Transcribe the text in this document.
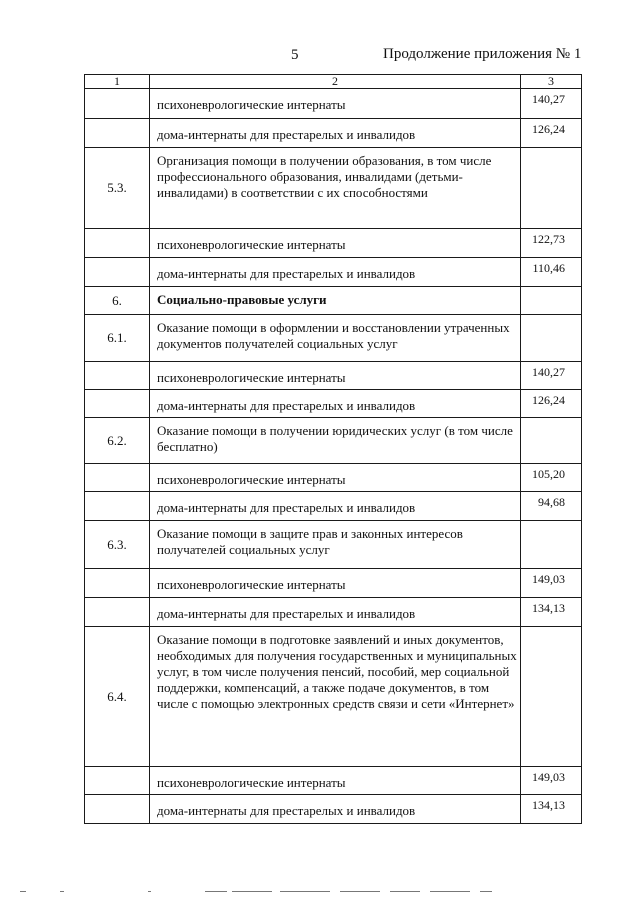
5	Продолжение приложения № 1
1	2	3
	психоневрологические интернаты	140,27
	дома-интернаты для престарелых и инвалидов	126,24
5.3.	Организация помощи в получении образования, в том числе профессионального образования, инвалидами (детьми-инвалидами) в соответствии с их способностями	
	психоневрологические интернаты	122,73
	дома-интернаты для престарелых и инвалидов	110,46
6.	Социально-правовые услуги	
6.1.	Оказание помощи в оформлении и восстановлении утраченных документов получателей социальных услуг	
	психоневрологические интернаты	140,27
	дома-интернаты для престарелых и инвалидов	126,24
6.2.	Оказание помощи в получении юридических услуг (в том числе бесплатно)	
	психоневрологические интернаты	105,20
	дома-интернаты для престарелых и инвалидов	94,68
6.3.	Оказание помощи в защите прав и законных интересов получателей социальных услуг	
	психоневрологические интернаты	149,03
	дома-интернаты для престарелых и инвалидов	134,13
6.4.	Оказание помощи в подготовке заявлений и иных документов, необходимых для получения государственных и муниципальных услуг, в том числе получения пенсий, пособий, мер социальной поддержки, компенсаций, а также подаче документов, в том числе с помощью электронных средств связи и сети «Интернет»	
	психоневрологические интернаты	149,03
	дома-интернаты для престарелых и инвалидов	134,13
